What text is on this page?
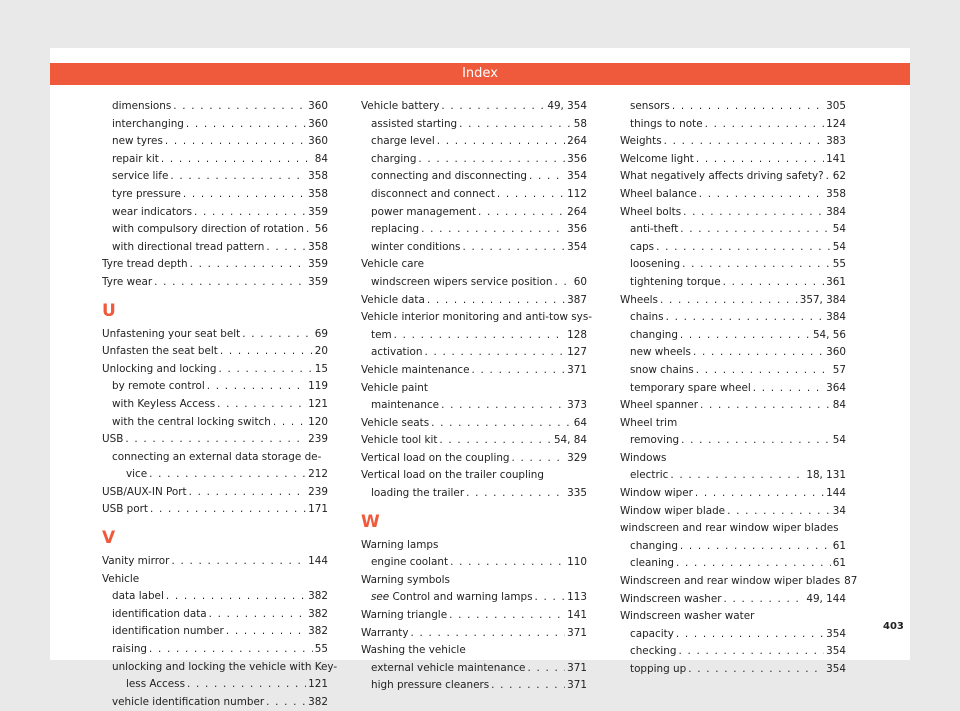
Index
dimensions . . .	360
interchanging . . .	360
new tyres . . .	360
repair kit . . .	84
service life . . .	358
tyre pressure . . .	358
wear indicators . . .	359
with compulsory direction of rotation . . . 56
with directional tread pattern . . .	358
Tyre tread depth . . .	359
Tyre wear . . .	359
U
Unfastening your seat belt . . .	69
Unfasten the seat belt . . .	20
Unlocking and locking . . .	15
by remote control . . .	119
with Keyless Access . . .	121
with the central locking switch . . .	120
USB . . .	239
connecting an external data storage de-
vice . . .	212
USB/AUX-IN Port . . .	239
USB port . . .	171
V
Vanity mirror . . .	144
Vehicle
data label . . .	382
identification data . . .	382
identification number . . .	382
raising . . .	55
unlocking and locking the vehicle with Key-
less Access . . .	121
vehicle identification number . . .	382
Vehicle battery . . .	49, 354
assisted starting . . .	58
charge level . . .	264
charging . . .	356
connecting and disconnecting . . .	354
disconnect and connect . . .	112
power management . . .	264
replacing . . .	356
winter conditions . . .	354
Vehicle care
windscreen wipers service position . . . 60
Vehicle data . . .	387
Vehicle interior monitoring and anti-tow sys-
tem . . .	128
activation . . .	127
Vehicle maintenance . . .	371
Vehicle paint
maintenance . . .	373
Vehicle seats . . .	64
Vehicle tool kit . . .	54, 84
Vertical load on the coupling . . .	329
Vertical load on the trailer coupling
loading the trailer . . .	335
W
Warning lamps
engine coolant . . .	110
Warning symbols
see Control and warning lamps . . .	113
Warning triangle . . .	141
Warranty . . .	371
Washing the vehicle
external vehicle maintenance . . .	371
high pressure cleaners . . .	371
sensors . . .	305
things to note . . .	124
Weights . . .	383
Welcome light . . .	141
What negatively affects driving safety? . . . 62
Wheel balance . . .	358
Wheel bolts . . .	384
anti-theft . . .	54
caps . . .	54
loosening . . .	55
tightening torque . . .	361
Wheels . . .	357, 384
chains . . .	384
changing . . .	54, 56
new wheels . . .	360
snow chains . . .	57
temporary spare wheel . . .	364
Wheel spanner . . .	84
Wheel trim
removing . . .	54
Windows
electric . . .	18, 131
Window wiper . . .	144
Window wiper blade . . .	34
windscreen and rear window wiper blades
changing . . .	61
cleaning . . .	61
Windscreen and rear window wiper blades 87
Windscreen washer . . .	49, 144
Windscreen washer water
capacity . . .	354
checking . . .	354
topping up . . .	354
403
